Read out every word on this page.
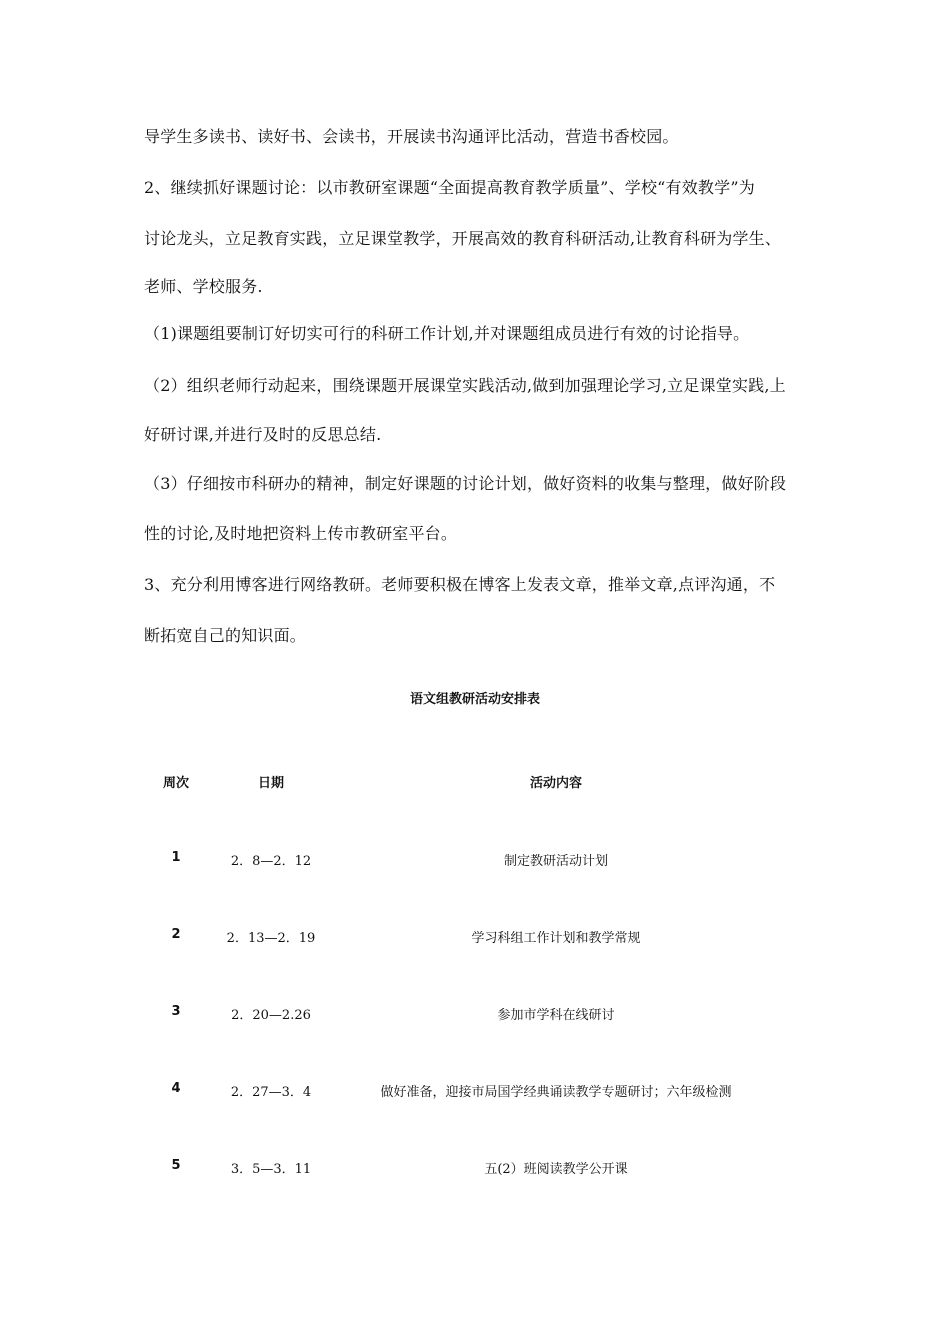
导学生多读书、读好书、会读书，开展读书沟通评比活动，营造书香校园。
2、继续抓好课题讨论：以市教研室课题“全面提高教育教学质量”、学校“有效教学”为
讨论龙头，立足教育实践，立足课堂教学，开展高效的教育科研活动,让教育科研为学生、
老师、学校服务.
（1)课题组要制订好切实可行的科研工作计划,并对课题组成员进行有效的讨论指导。
（2）组织老师行动起来，围绕课题开展课堂实践活动,做到加强理论学习,立足课堂实践,上
好研讨课,并进行及时的反思总结.
（3）仔细按市科研办的精神，制定好课题的讨论计划，做好资料的收集与整理，做好阶段
性的讨论,及时地把资料上传市教研室平台。
3、充分利用博客进行网络教研。老师要积极在博客上发表文章，推举文章,点评沟通，不
断拓宽自己的知识面。
语文组教研活动安排表
周次	日期	活动内容
1	2．8—2．12	制定教研活动计划
2	2．13—2．19	学习科组工作计划和教学常规
3	2．20—2.26	参加市学科在线研讨
4	2．27—3．4	做好准备，迎接市局国学经典诵读教学专题研讨；六年级检测
5	3．5—3．11	五(2）班阅读教学公开课
